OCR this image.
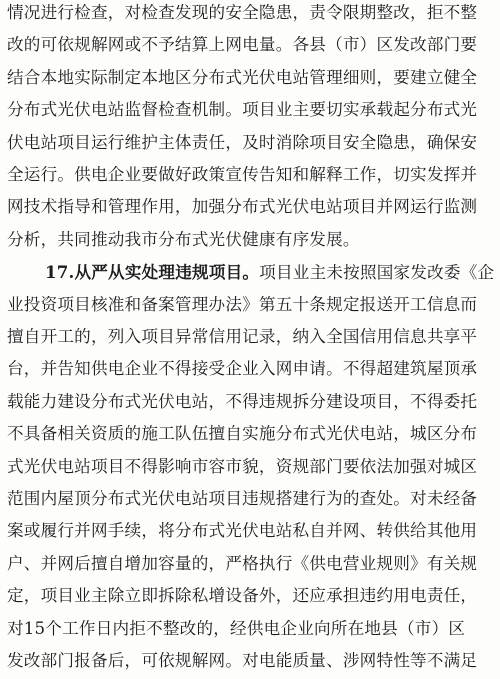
情况进行检查，对检查发现的安全隐患，责令限期整改，拒不整
改的可依规解网或不予结算上网电量。各县（市）区发改部门要
结合本地实际制定本地区分布式光伏电站管理细则，要建立健全
分布式光伏电站监督检查机制。项目业主要切实承载起分布式光
伏电站项目运行维护主体责任，及时消除项目安全隐患，确保安
全运行。供电企业要做好政策宣传告知和解释工作，切实发挥并
网技术指导和管理作用，加强分布式光伏电站项目并网运行监测
分析，共同推动我市分布式光伏健康有序发展。
17.从严从实处理违规项目。项目业主未按照国家发改委《企
业投资项目核准和备案管理办法》第五十条规定报送开工信息而
擅自开工的，列入项目异常信用记录，纳入全国信用信息共享平
台，并告知供电企业不得接受企业入网申请。不得超建筑屋顶承
载能力建设分布式光伏电站，不得违规拆分建设项目，不得委托
不具备相关资质的施工队伍擅自实施分布式光伏电站，城区分布
式光伏电站项目不得影响市容市貌，资规部门要依法加强对城区
范围内屋顶分布式光伏电站项目违规搭建行为的查处。对未经备
案或履行并网手续，将分布式光伏电站私自并网、转供给其他用
户、并网后擅自增加容量的，严格执行《供电营业规则》有关规
定，项目业主除立即拆除私增设备外，还应承担违约用电责任，
对15个工作日内拒不整改的，经供电企业向所在地县（市）区
发改部门报备后，可依规解网。对电能质量、涉网特性等不满足
